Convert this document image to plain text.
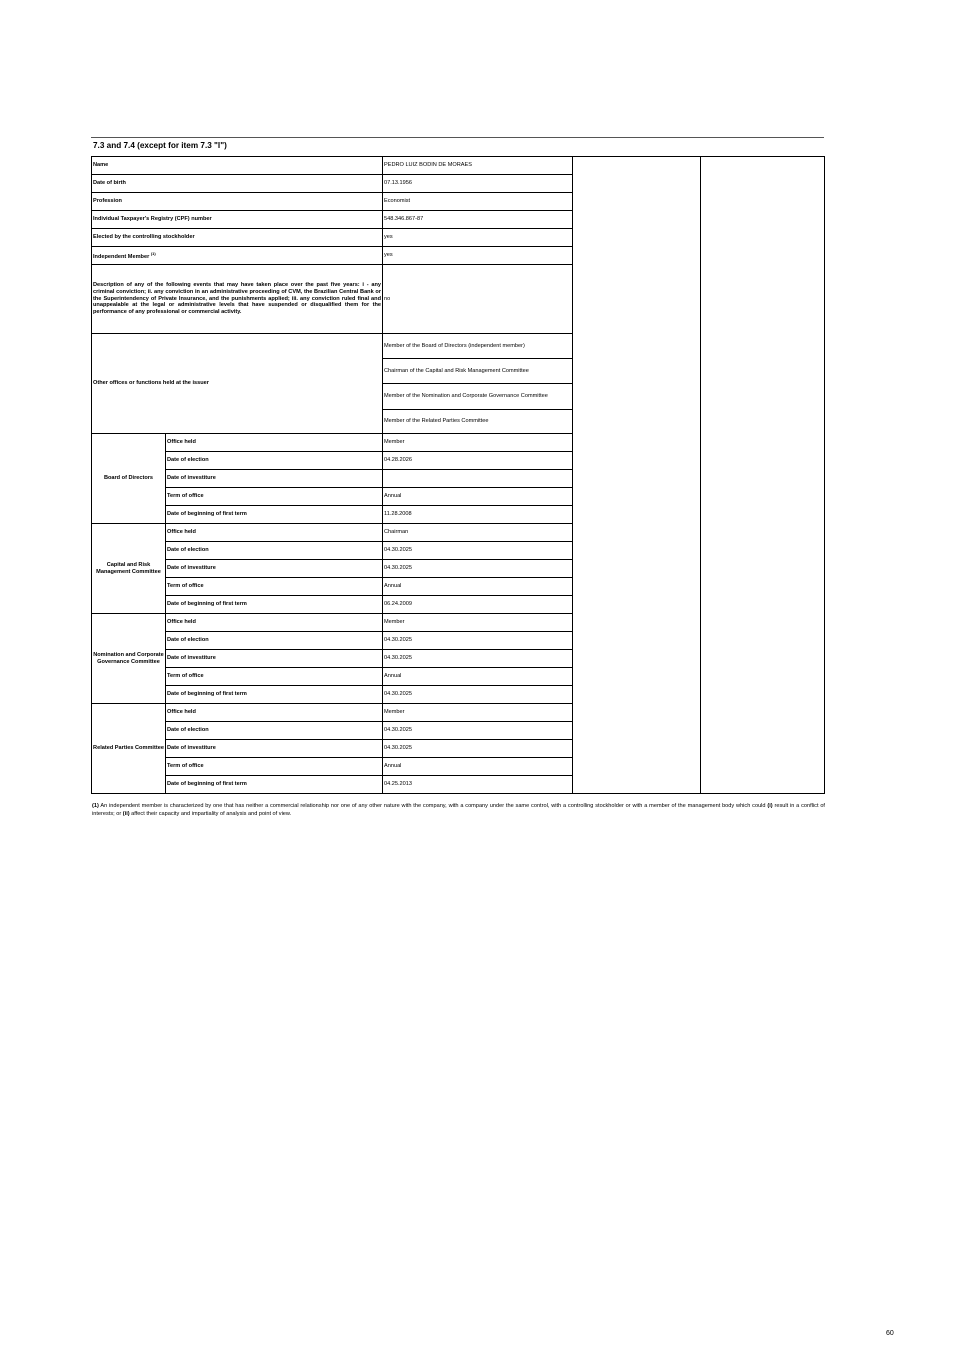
7.3 and 7.4 (except for item 7.3 "l")
Name		PEDRO LUIZ BODIN DE MORAES		
Date of birth		07.13.1956		
Profession		Economist		
Individual Taxpayer's Registry (CPF) number		548.346.867-87		
Elected by the controlling stockholder		yes		
Independent Member $^{(1)}$		yes		
Description of any of the following events that may have taken place over the past five years: i - any criminal conviction; ii. any conviction in an administrative proceeding of CVM, the Brazilian Central Bank or the Superintendency of Private Insurance, and the punishments applied; iii. any conviction ruled final and unappealable at the legal or administrative levels that have suspended or disqualified them for the performance of any professional or commercial activity.		no		
Other offices or functions held at the issuer		Member of the Board of Directors (independent member)		
		Chairman of the Capital and Risk Management Committee		
		Member of the Nomination and Corporate Governance Committee		
		Member of the Related Parties Committee		
Board of Directors	Office held	Member		
	Date of election	04.28.2026		
	Date of investiture			
	Term of office	Annual		
	Date of beginning of first term	11.28.2008		
Capital and Risk Management Committee	Office held	Chairman		
	Date of election	04.30.2025		
	Date of investiture	04.30.2025		
	Term of office	Annual		
	Date of beginning of first term	06.24.2009		
Nomination and Corporate Governance Committee	Office held	Member		
	Date of election	04.30.2025		
	Date of investiture	04.30.2025		
	Term of office	Annual		
	Date of beginning of first term	04.30.2025		
Related Parties Committee	Office held	Member		
	Date of election	04.30.2025		
	Date of investiture	04.30.2025		
	Term of office	Annual		
	Date of beginning of first term	04.25.2013		
(1) An independent member is characterized by one that has neither a commercial relationship nor one of any other nature with the company, with a company under the same control, with a controlling stockholder or with a member of the management body which could (i) result in a conflict of interests; or (ii) affect their capacity and impartiality of analysis and point of view.
60
